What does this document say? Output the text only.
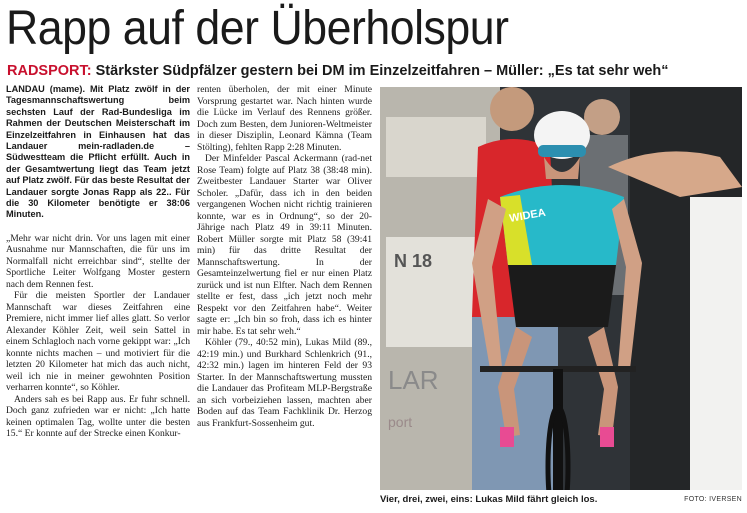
Rapp auf der Überholspur
RADSPORT: Stärkster Südpfälzer gestern bei DM im Einzelzeitfahren – Müller: „Es tat sehr weh“

LANDAU (mame). Mit Platz zwölf in der Tagesmannschaftswertung beim sechsten Lauf der Rad-Bundesliga im Rahmen der Deutschen Meisterschaft im Einzelzeitfahren in Einhausen hat das Landauer mein-radladen.de – Südwestteam die Pflicht erfüllt. Auch in der Gesamtwertung liegt das Team jetzt auf Platz zwölf. Für das beste Resultat der Landauer sorgte Jonas Rapp als 22.. Für die 30 Kilometer benötigte er 38:06 Minuten.

„Mehr war nicht drin. Vor uns lagen mit einer Ausnahme nur Mannschaften, die für uns im Normalfall nicht erreichbar sind“, stellte der Sportliche Leiter Wolfgang Moster gestern nach dem Rennen fest.

Für die meisten Sportler der Landauer Mannschaft war dieses Zeitfahren eine Premiere, nicht immer lief alles glatt. So verlor Alexander Köhler Zeit, weil sein Sattel in einem Schlagloch nach vorne gekippt war: „Ich konnte nichts machen – und motiviert für die letzten 20 Kilometer hat mich das auch nicht, weil ich nie in meiner gewohnten Position verharren konnte“, so Köhler.

Anders sah es bei Rapp aus. Er fuhr schnell. Doch ganz zufrieden war er nicht: „Ich hatte keinen optimalen Tag, wollte unter die besten 15.“ Er konnte auf der Strecke einen Konkur-

renten überholen, der mit einer Minute Vorsprung gestartet war. Nach hinten wurde die Lücke im Verlauf des Rennens größer. Doch zum Besten, dem Junioren-Weltmeister in dieser Disziplin, Leonard Kämna (Team Stölting), fehlten Rapp 2:28 Minuten.

Der Minfelder Pascal Ackermann (rad-net Rose Team) folgte auf Platz 38 (38:48 min). Zweitbester Landauer Starter war Oliver Scholer. „Dafür, dass ich in den beiden vergangenen Wochen nicht richtig trainieren konnte, war es in Ordnung“, so der 20-Jährige nach Platz 49 in 39:11 Minuten. Robert Müller sorgte mit Platz 58 (39:41 min) für das dritte Resultat der Mannschaftswertung. In der Gesamteinzelwertung fiel er nur einen Platz zurück und ist nun Elfter. Nach dem Rennen stellte er fest, dass „ich jetzt noch mehr Respekt vor den Zeitfahren habe“. Weiter sagte er: „Ich bin so froh, dass ich es hinter mir habe. Es tat sehr weh.“

Köhler (79., 40:52 min), Lukas Mild (89., 42:19 min.) und Burkhard Schlenkrich (91., 42:32 min.) lagen im hinteren Feld der 93 Starter. In der Mannschaftswertung mussten die Landauer das Profiteam MLP-Bergstraße an sich vorbeiziehen lassen, machten aber Boden auf das Team Fachklinik Dr. Herzog aus Frankfurt-Sossenheim gut.

N 18
LAR
port
WIDEA
Vier, drei, zwei, eins: Lukas Mild fährt gleich los.	FOTO: IVERSEN
